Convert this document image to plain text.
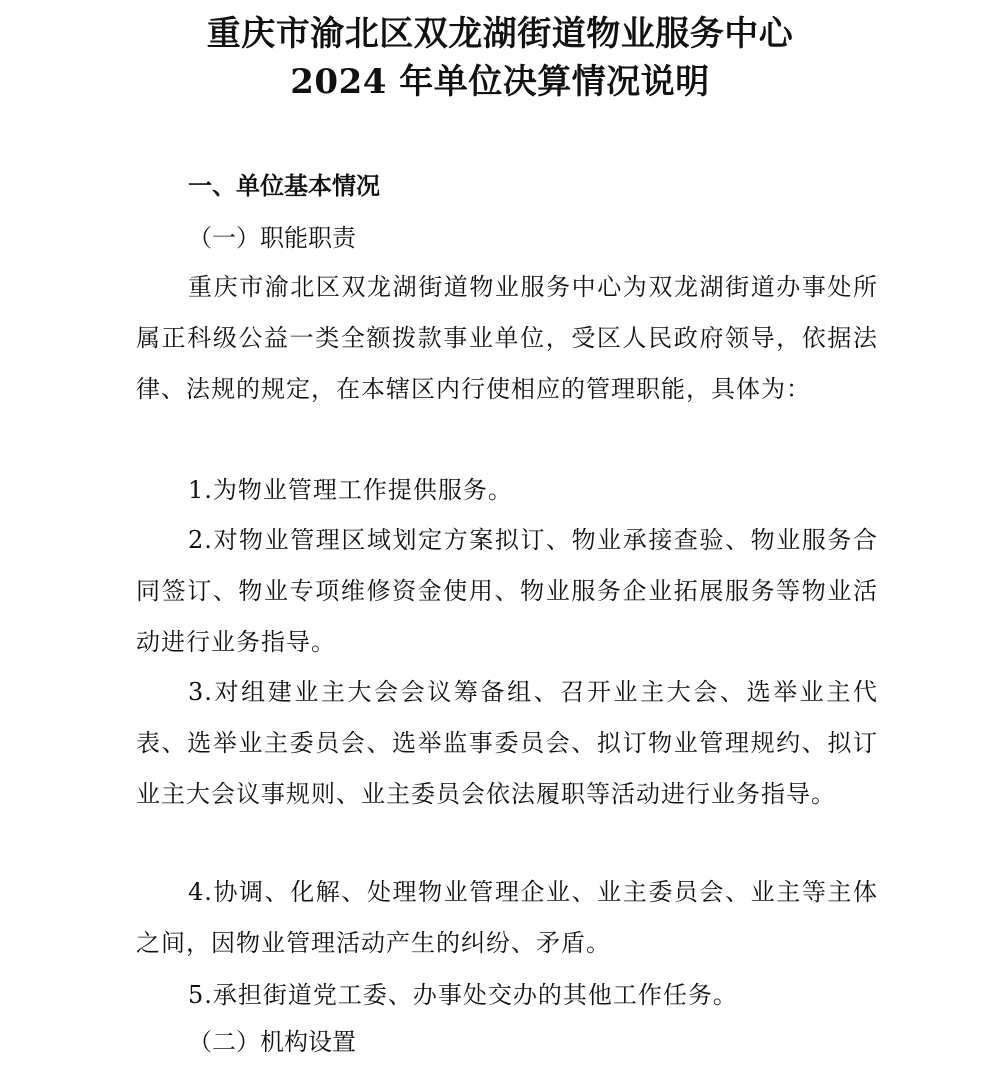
重庆市渝北区双龙湖街道物业服务中心
2024 年单位决算情况说明
一、单位基本情况
（一）职能职责
重庆市渝北区双龙湖街道物业服务中心为双龙湖街道办事处所属正科级公益一类全额拨款事业单位，受区人民政府领导，依据法律、法规的规定，在本辖区内行使相应的管理职能，具体为：
1.为物业管理工作提供服务。
2.对物业管理区域划定方案拟订、物业承接查验、物业服务合同签订、物业专项维修资金使用、物业服务企业拓展服务等物业活动进行业务指导。
3.对组建业主大会会议筹备组、召开业主大会、选举业主代表、选举业主委员会、选举监事委员会、拟订物业管理规约、拟订业主大会议事规则、业主委员会依法履职等活动进行业务指导。
4.协调、化解、处理物业管理企业、业主委员会、业主等主体之间，因物业管理活动产生的纠纷、矛盾。
5.承担街道党工委、办事处交办的其他工作任务。
（二）机构设置
